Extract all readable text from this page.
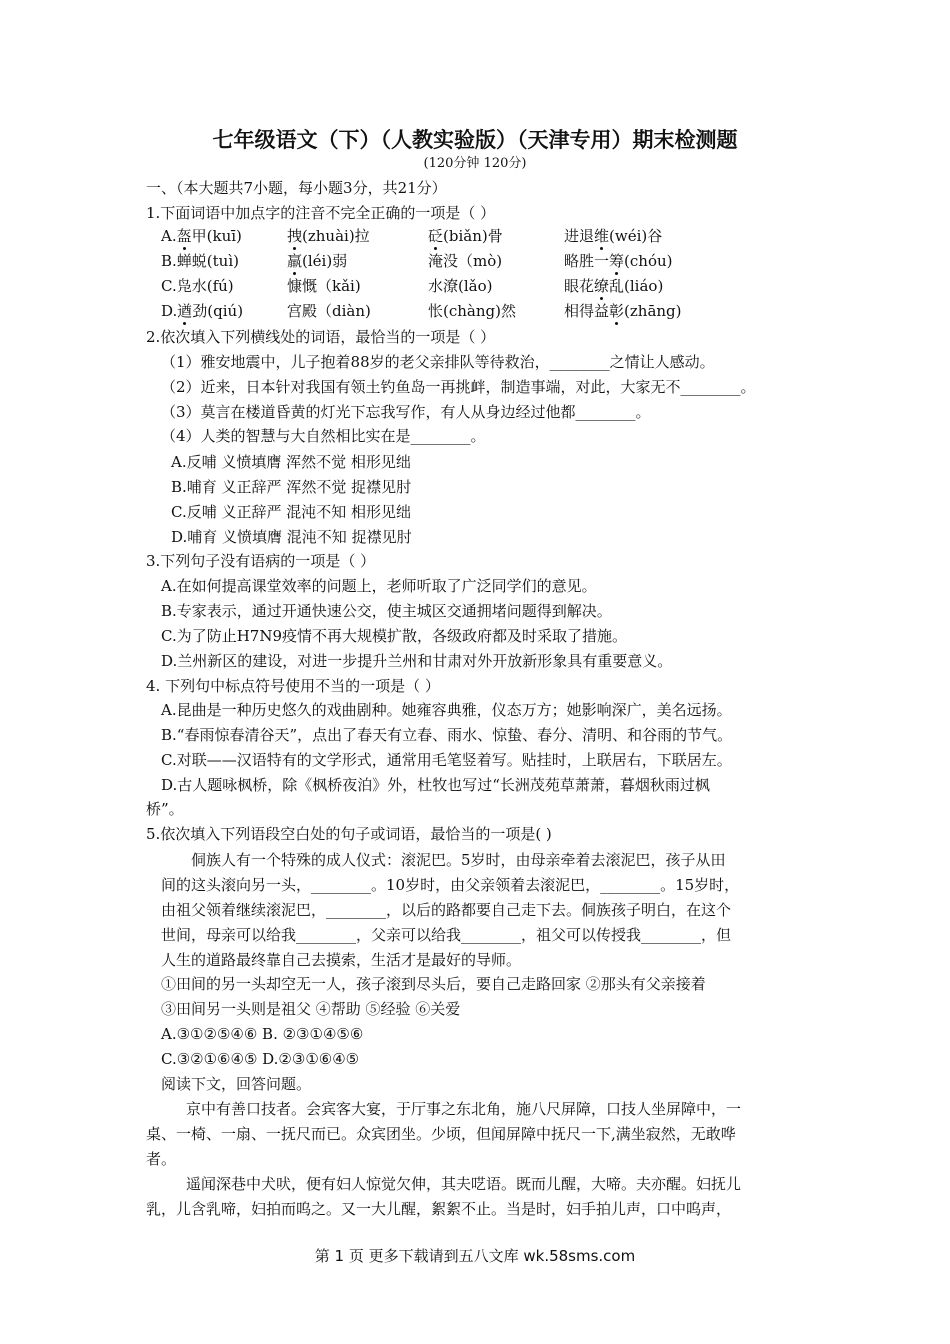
七年级语文（下）（人教实验版）（天津专用）期末检测题
(120分钟 120分)
一、（本大题共7小题，每小题3分，共21分）
1.下面词语中加点字的注音不完全正确的一项是（ ）
A.盔甲(kuī)	拽(zhuài)拉	砭(biǎn)骨	进退维(wéi)谷
B.蝉蜕(tuì)	羸(léi)弱	淹没（mò)	略胜一筹(chóu)
C.凫水(fú)	慷慨（kǎi)	水潦(lǎo)	眼花缭乱(liáo)
D.遒劲(qiú)	宫殿（diàn)	怅(chàng)然	相得益彰(zhāng)
2.依次填入下列横线处的词语，最恰当的一项是（ ）
（1）雅安地震中，儿子抱着88岁的老父亲排队等待救治，________之情让人感动。
（2）近来，日本针对我国有领土钓鱼岛一再挑衅，制造事端，对此，大家无不________。
（3）莫言在楼道昏黄的灯光下忘我写作，有人从身边经过他都________。
（4）人类的智慧与大自然相比实在是________。
A.反哺 义愤填膺 浑然不觉 相形见绌
B.哺育 义正辞严 浑然不觉 捉襟见肘
C.反哺 义正辞严 混沌不知 相形见绌
D.哺育 义愤填膺 混沌不知 捉襟见肘
3.下列句子没有语病的一项是（ ）
A.在如何提高课堂效率的问题上，老师听取了广泛同学们的意见。
B.专家表示，通过开通快速公交，使主城区交通拥堵问题得到解决。
C.为了防止H7N9疫情不再大规模扩散，各级政府都及时采取了措施。
D.兰州新区的建设，对进一步提升兰州和甘肃对外开放新形象具有重要意义。
4. 下列句中标点符号使用不当的一项是（ ）
A.昆曲是一种历史悠久的戏曲剧种。她雍容典雅，仪态万方；她影响深广，美名远扬。
B.“春雨惊春清谷天”，点出了春天有立春、雨水、惊蛰、春分、清明、和谷雨的节气。
C.对联——汉语特有的文学形式，通常用毛笔竖着写。贴挂时，上联居右，下联居左。
D.古人题咏枫桥，除《枫桥夜泊》外，杜牧也写过“长洲茂苑草萧萧，暮烟秋雨过枫
桥”。
5.依次填入下列语段空白处的句子或词语，最恰当的一项是( )
侗族人有一个特殊的成人仪式：滚泥巴。5岁时，由母亲牵着去滚泥巴，孩子从田
间的这头滚向另一头，________。10岁时，由父亲领着去滚泥巴，________。15岁时，
由祖父领着继续滚泥巴，________，以后的路都要自己走下去。侗族孩子明白，在这个
世间，母亲可以给我________，父亲可以给我________，祖父可以传授我________，但
人生的道路最终靠自己去摸索，生活才是最好的导师。
①田间的另一头却空无一人，孩子滚到尽头后，要自己走路回家 ②那头有父亲接着
③田间另一头则是祖父 ④帮助 ⑤经验 ⑥关爱
A.③①②⑤④⑥ B. ②③①④⑤⑥
C.③②①⑥④⑤ D.②③①⑥④⑤
阅读下文，回答问题。
京中有善口技者。会宾客大宴，于厅事之东北角，施八尺屏障，口技人坐屏障中，一
桌、一椅、一扇、一抚尺而已。众宾团坐。少顷，但闻屏障中抚尺一下,满坐寂然，无敢哗
者。
遥闻深巷中犬吠，便有妇人惊觉欠伸，其夫呓语。既而儿醒，大啼。夫亦醒。妇抚儿
乳，儿含乳啼，妇拍而呜之。又一大儿醒，絮絮不止。当是时，妇手拍儿声，口中呜声，
第 1 页 更多下载请到五八文库 wk.58sms.com
